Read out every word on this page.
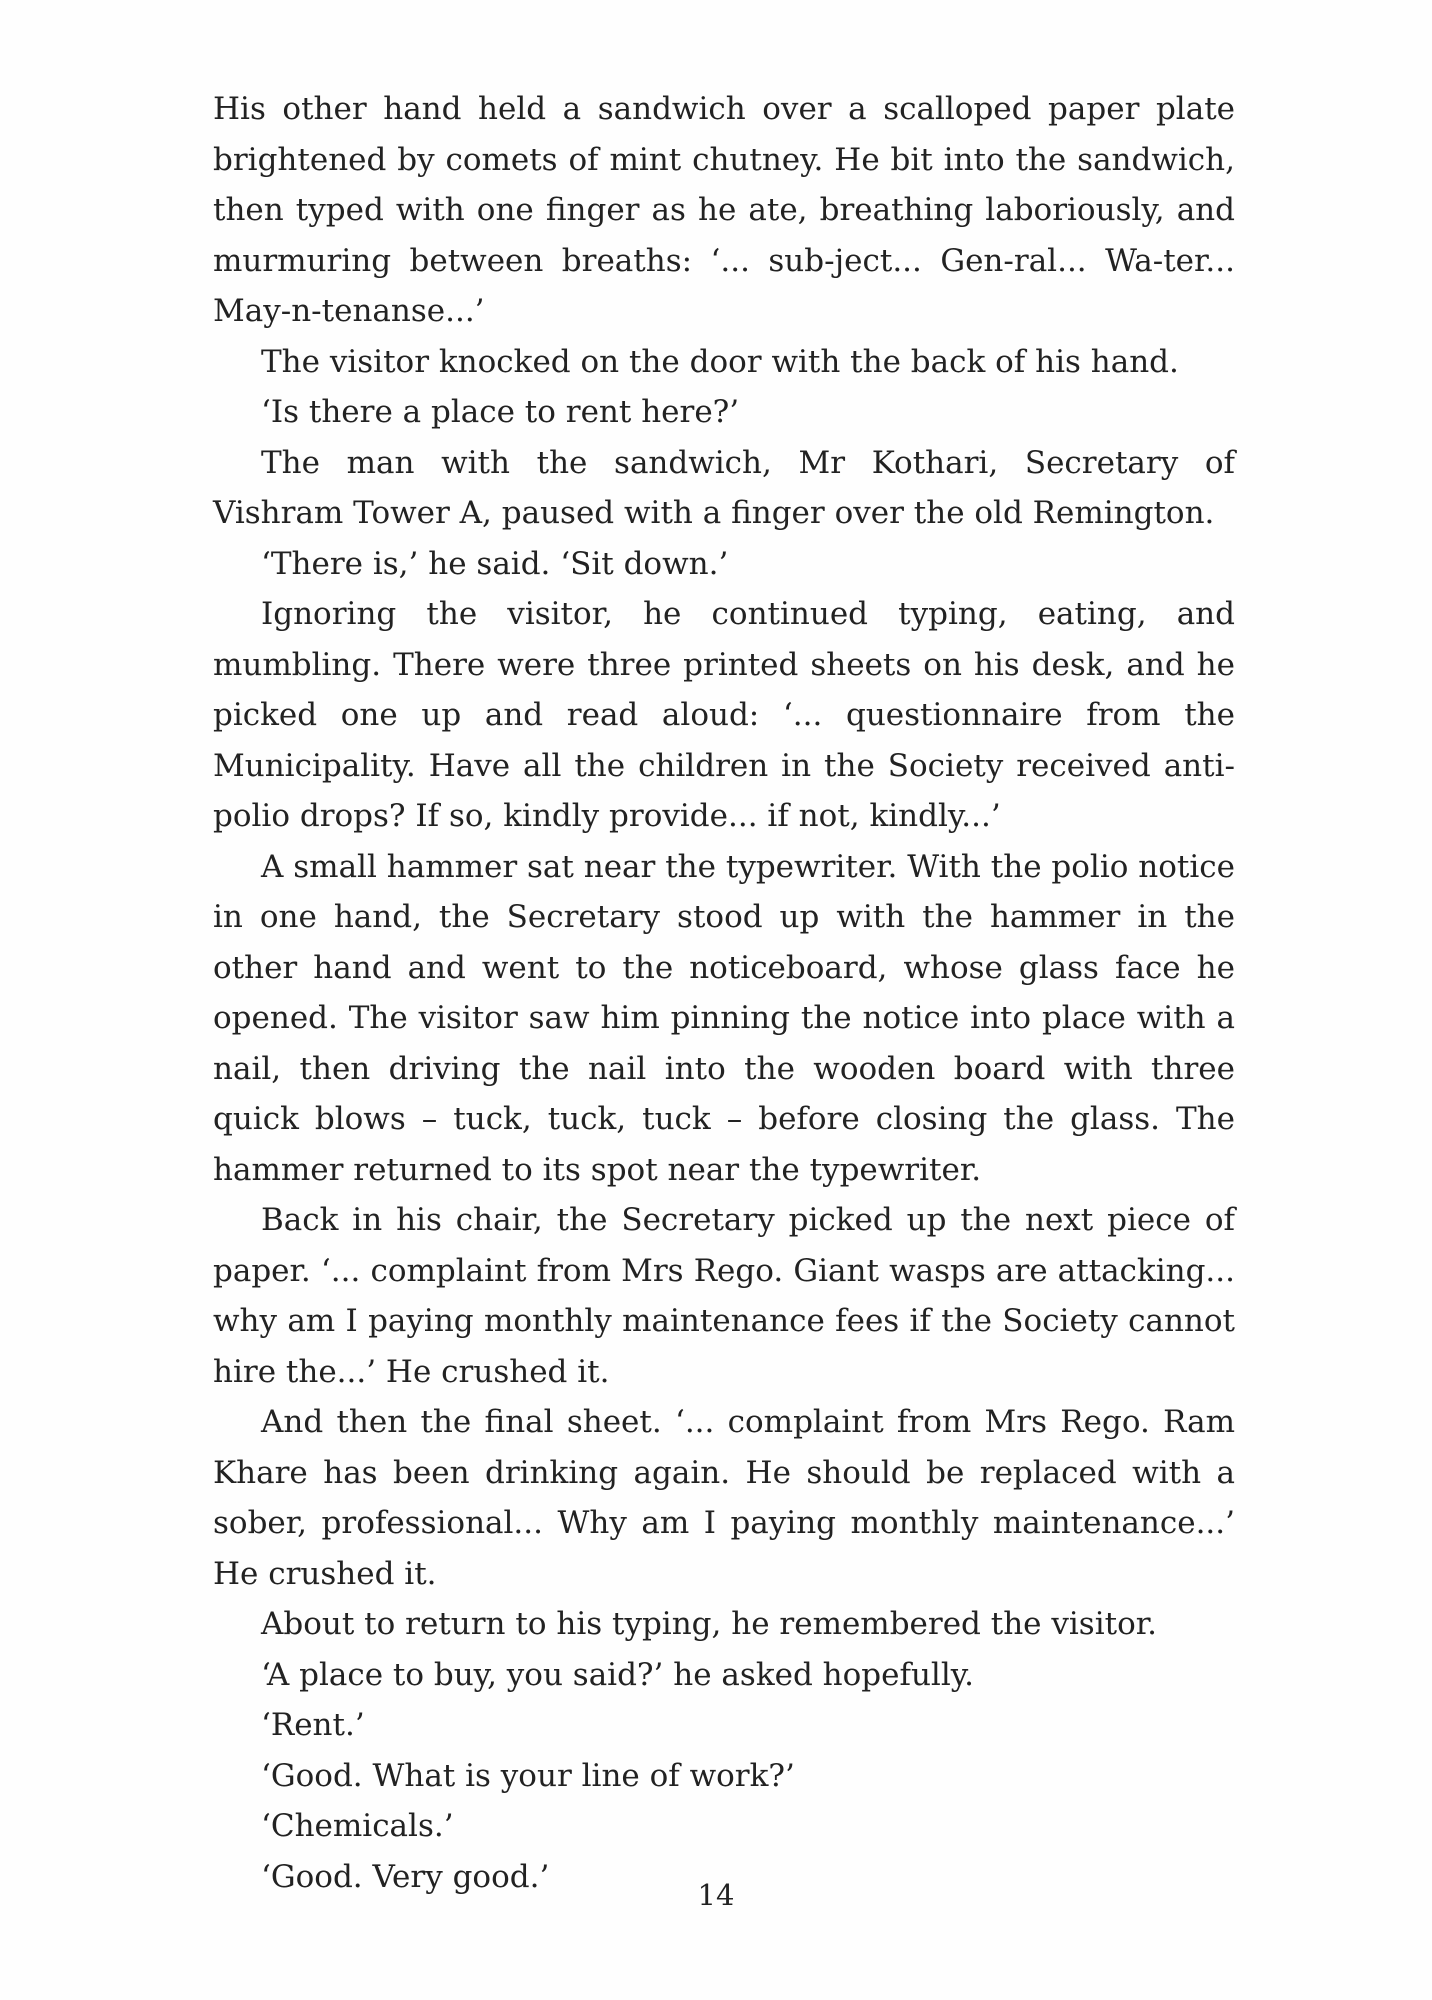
His other hand held a sandwich over a scalloped paper plate brightened by comets of mint chutney. He bit into the sandwich, then typed with one finger as he ate, breathing laboriously, and murmuring between breaths: ‘... sub-ject... Gen-ral... Wa-ter... May-n-tenanse...’

The visitor knocked on the door with the back of his hand.

‘Is there a place to rent here?’

The man with the sandwich, Mr Kothari, Secretary of Vishram Tower A, paused with a finger over the old Remington.

‘There is,’ he said. ‘Sit down.’

Ignoring the visitor, he continued typing, eating, and mumbling. There were three printed sheets on his desk, and he picked one up and read aloud: ‘... questionnaire from the Municipality. Have all the children in the Society received anti-polio drops? If so, kindly provide... if not, kindly...’

A small hammer sat near the typewriter. With the polio notice in one hand, the Secretary stood up with the hammer in the other hand and went to the noticeboard, whose glass face he opened. The visitor saw him pinning the notice into place with a nail, then driving the nail into the wooden board with three quick blows – tuck, tuck, tuck – before closing the glass. The hammer returned to its spot near the typewriter.

Back in his chair, the Secretary picked up the next piece of paper. ‘... complaint from Mrs Rego. Giant wasps are attacking... why am I paying monthly maintenance fees if the Society cannot hire the...’ He crushed it.

And then the final sheet. ‘... complaint from Mrs Rego. Ram Khare has been drinking again. He should be replaced with a sober, professional... Why am I paying monthly maintenance...’ He crushed it.

About to return to his typing, he remembered the visitor.

‘A place to buy, you said?’ he asked hopefully.

‘Rent.’

‘Good. What is your line of work?’

‘Chemicals.’

‘Good. Very good.’

14
